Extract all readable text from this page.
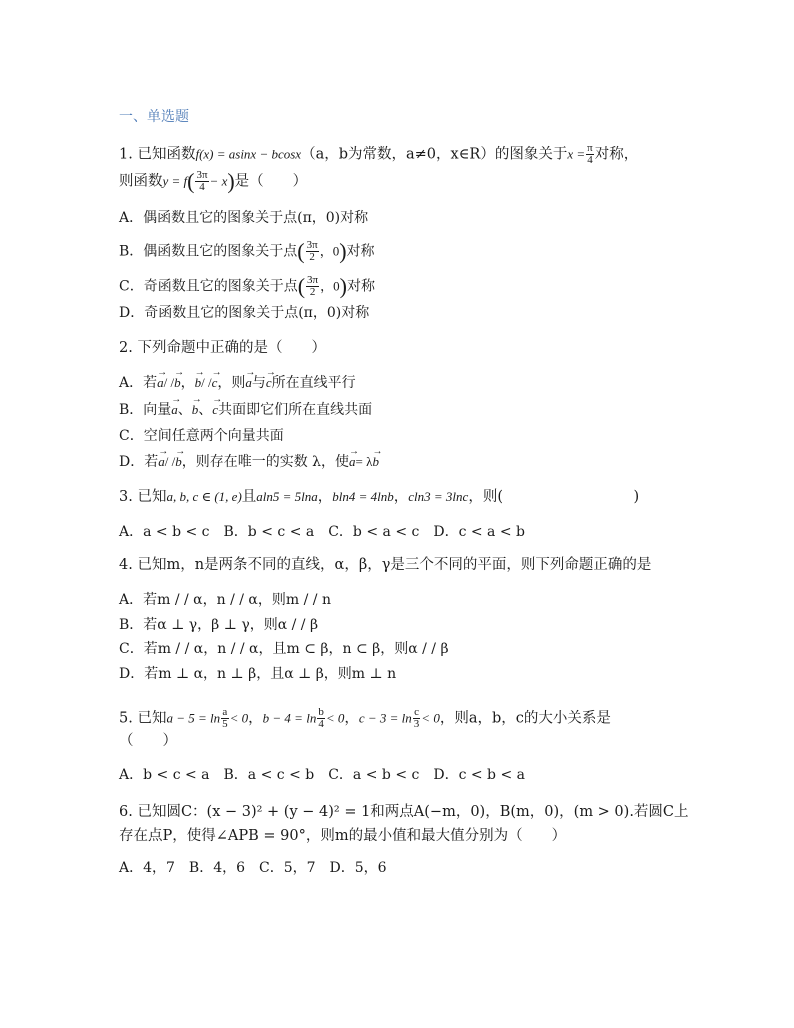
一、单选题
1. 已知函数f(x) = asinx − bcosx（a，b为常数，a≠0，x∈R）的图象关于$x = \frac{\pi}{4}$ 对称，
则函数$y = f( \frac{3\pi}{4} - x)$是（　　）
A．偶函数且它的图象关于点(π，0)对称
B．偶函数且它的图象关于点( $\frac{3\pi}{2}$ ，0)对称
C．奇函数且它的图象关于点( $\frac{3\pi}{2}$ ，0)对称
D．奇函数且它的图象关于点(π，0)对称
2. 下列命题中正确的是（　　）
A．若→ a/ /→ b，→ b/ /→ c，则→ a与→ c所在直线平行
B．向量→ a、→ b、→ c共面即它们所在直线共面
C．空间任意两个向量共面
D．若→ a/ /→ b，则存在唯一的实数 λ，使→ a= λ→ b
3. 已知a, b, c ∈ (1, e)且aln5 = 5lna，bln4 = 4lnb，cln3 = 3lnc，则(　　　　　　　　　)
A．a < b < c　B．b < c < a　C．b < a < c　D．c < a < b
4. 已知m，n是两条不同的直线，α，β，γ是三个不同的平面，则下列命题正确的是
A．若m / / α，n / / α，则m / / n
B．若α ⊥ γ，β ⊥ γ，则α / / β
C．若m / / α，n / / α，且m ⊂ β，n ⊂ β，则α / / β
D．若m ⊥ α，n ⊥ β，且α ⊥ β，则m ⊥ n
5. 已知$a - 5 = \ln \frac{a}{5} < 0$，$b - 4 = \ln \frac{b}{4} < 0$，$c - 3 = \ln \frac{c}{3} < 0$，则a，b，c的大小关系是
（　　）
A．b < c < a　B．a < c < b　C．a < b < c　D．c < b < a
6. 已知圆C：(x − 3)² + (y − 4)² = 1和两点A(−m，0)，B(m，0)，(m > 0).若圆C上
存在点P，使得∠APB = 90°，则m的最小值和最大值分别为（　　）
A．4，7　B．4，6　C．5，7　D．5，6
